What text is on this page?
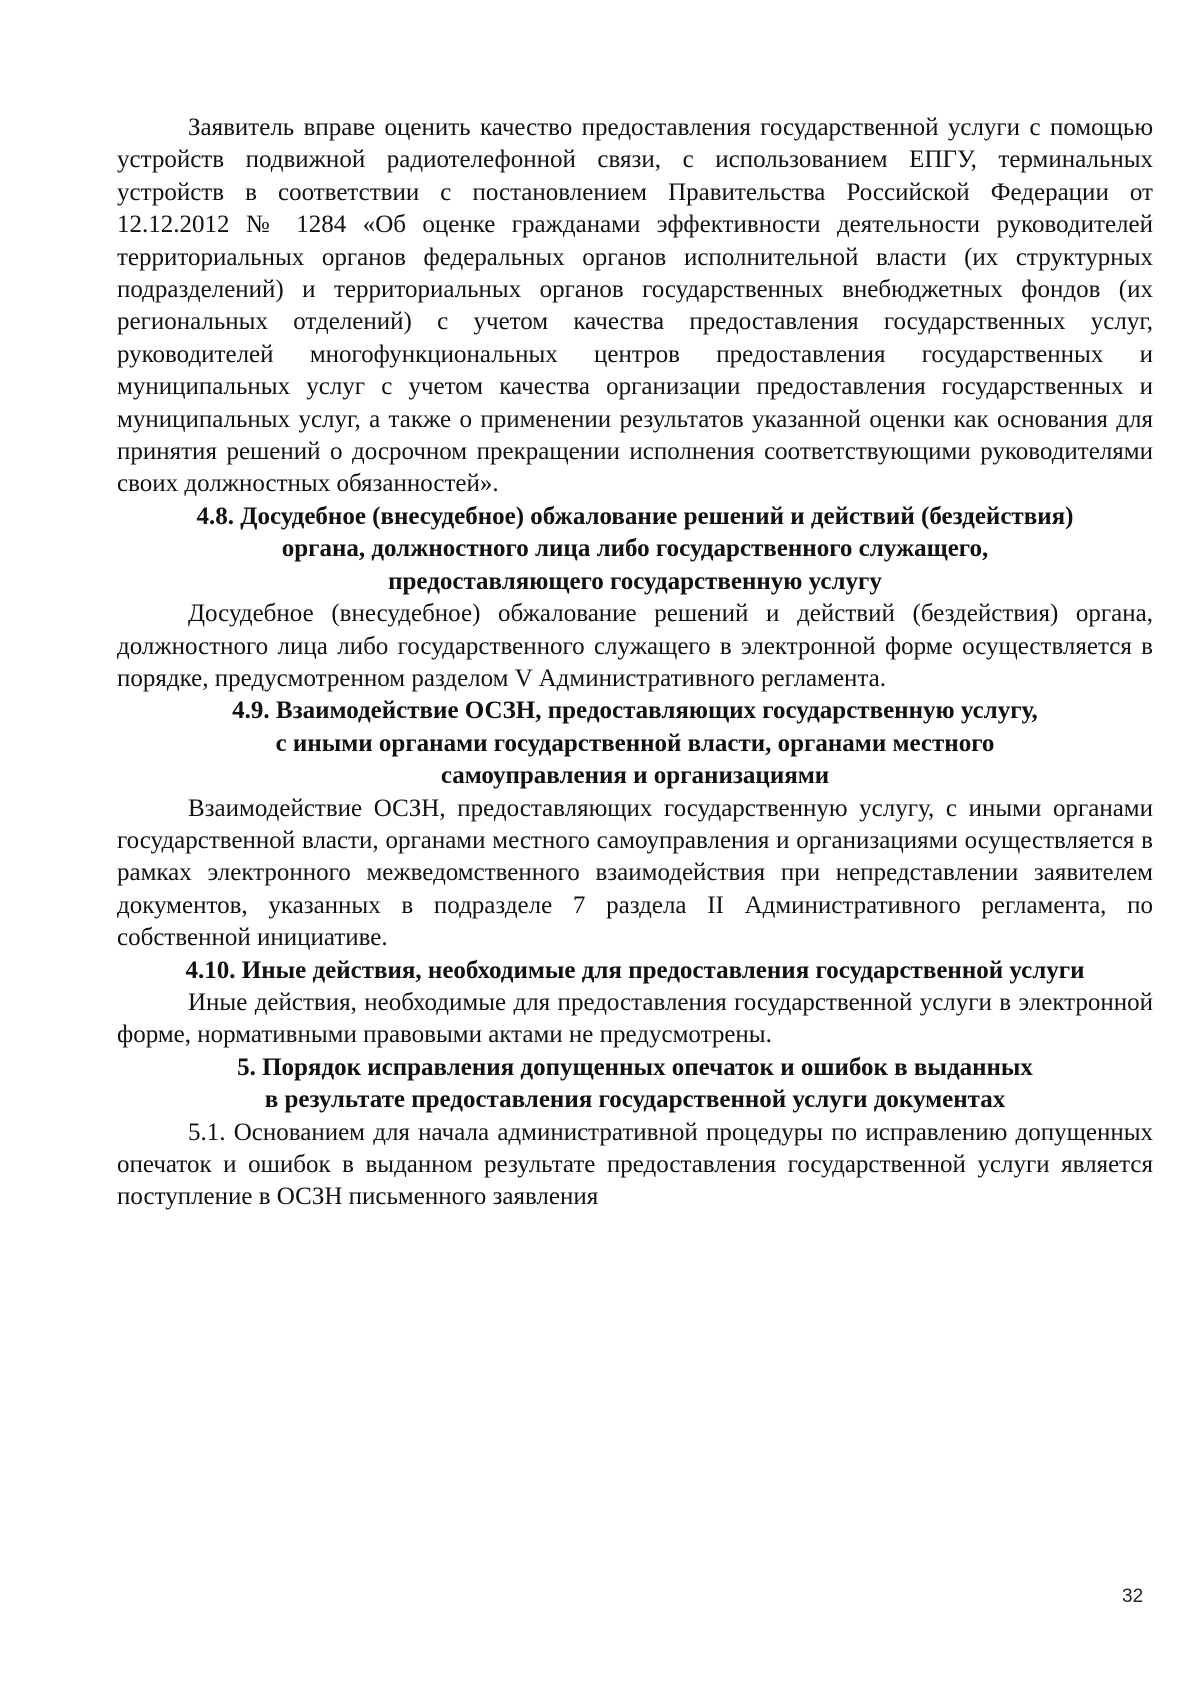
Заявитель вправе оценить качество предоставления государственной услуги с помощью устройств подвижной радиотелефонной связи, с использованием ЕПГУ, терминальных устройств в соответствии с постановлением Правительства Российской Федерации от 12.12.2012 № 1284 «Об оценке гражданами эффективности деятельности руководителей территориальных органов федеральных органов исполнительной власти (их структурных подразделений) и территориальных органов государственных внебюджетных фондов (их региональных отделений) с учетом качества предоставления государственных услуг, руководителей многофункциональных центров предоставления государственных и муниципальных услуг с учетом качества организации предоставления государственных и муниципальных услуг, а также о применении результатов указанной оценки как основания для принятия решений о досрочном прекращении исполнения соответствующими руководителями своих должностных обязанностей».

4.8. Досудебное (внесудебное) обжалование решений и действий (бездействия)
органа, должностного лица либо государственного служащего,
предоставляющего государственную услугу

Досудебное (внесудебное) обжалование решений и действий (бездействия) органа, должностного лица либо государственного служащего в электронной форме осуществляется в порядке, предусмотренном разделом V Административного регламента.

4.9. Взаимодействие ОСЗН, предоставляющих государственную услугу,
с иными органами государственной власти, органами местного
самоуправления и организациями

Взаимодействие ОСЗН, предоставляющих государственную услугу, с иными органами государственной власти, органами местного самоуправления и организациями осуществляется в рамках электронного межведомственного взаимодействия при непредставлении заявителем документов, указанных в подразделе 7 раздела II Административного регламента, по собственной инициативе.

4.10. Иные действия, необходимые для предоставления государственной услуги

Иные действия, необходимые для предоставления государственной услуги в электронной форме, нормативными правовыми актами не предусмотрены.

5. Порядок исправления допущенных опечаток и ошибок в выданных
в результате предоставления государственной услуги документах

5.1. Основанием для начала административной процедуры по исправлению допущенных опечаток и ошибок в выданном результате предоставления государственной услуги является поступление в ОСЗН письменного заявления

32
